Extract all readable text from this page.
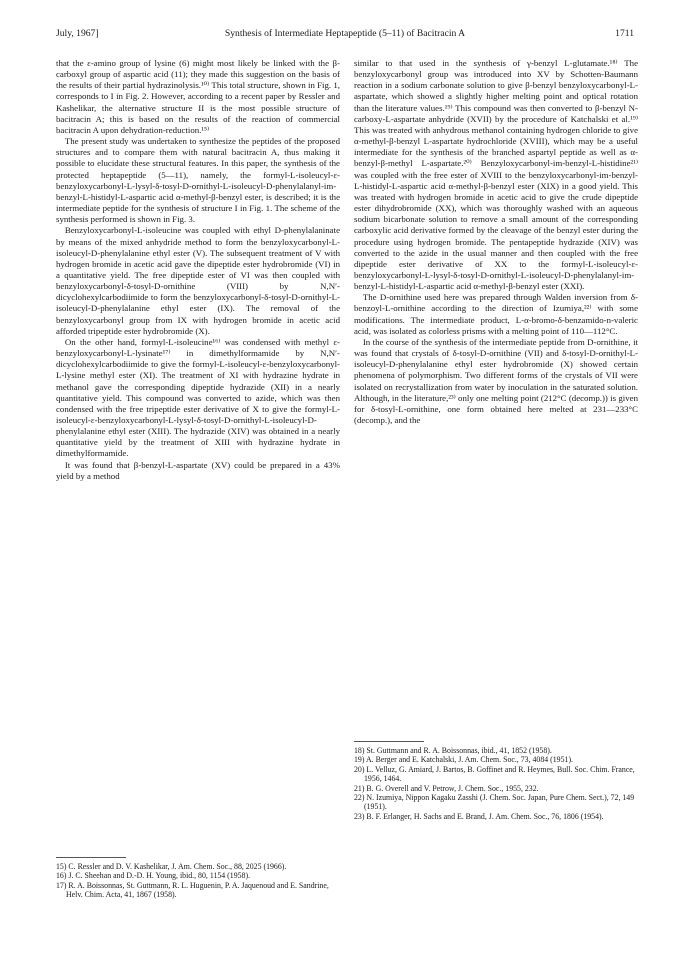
July, 1967]	Synthesis of Intermediate Heptapeptide (5–11) of Bacitracin A	1711

that the ε-amino group of lysine (6) might most likely be linked with the β-carboxyl group of aspartic acid (11); they made this suggestion on the basis of the results of their partial hydrazinolysis.¹⁰⁾ This total structure, shown in Fig. 1, corresponds to I in Fig. 2. However, according to a recent paper by Ressler and Kashelikar, the alternative structure II is the most possible structure of bacitracin A; this is based on the results of the reaction of commercial bacitracin A upon dehydration-reduction.¹⁵⁾

The present study was undertaken to synthesize the peptides of the proposed structures and to compare them with natural bacitracin A, thus making it possible to elucidate these structural features. In this paper, the synthesis of the protected heptapeptide (5—11), namely, the formyl-L-isoleucyl-ε-benzyloxycarbonyl-L-lysyl-δ-tosyl-D-ornithyl-L-isoleucyl-D-phenylalanyl-im-benzyl-L-histidyl-L-aspartic acid α-methyl-β-benzyl ester, is described; it is the intermediate peptide for the synthesis of structure I in Fig. 1. The scheme of the synthesis performed is shown in Fig. 3.

Benzyloxycarbonyl-L-isoleucine was coupled with ethyl D-phenylalaninate by means of the mixed anhydride method to form the benzyloxycarbonyl-L-isoleucyl-D-phenylalanine ethyl ester (V). The subsequent treatment of V with hydrogen bromide in acetic acid gave the dipeptide ester hydrobromide (VI) in a quantitative yield. The free dipeptide ester of VI was then coupled with benzyloxycarbonyl-δ-tosyl-D-ornithine (VIII) by N,N′-dicyclohexylcarbodiimide to form the benzyloxycarbonyl-δ-tosyl-D-ornithyl-L-isoleucyl-D-phenylalanine ethyl ester (IX). The removal of the benzyloxycarbonyl group from IX with hydrogen bromide in acetic acid afforded tripeptide ester hydrobromide (X).

On the other hand, formyl-L-isoleucine¹⁶⁾ was condensed with methyl ε-benzyloxycarbonyl-L-lysinate¹⁷⁾ in dimethylformamide by N,N′-dicyclohexylcarbodiimide to give the formyl-L-isoleucyl-ε-benzyloxycarbonyl-L-lysine methyl ester (XI). The treatment of XI with hydrazine hydrate in methanol gave the corresponding dipeptide hydrazide (XII) in a nearly quantitative yield. This compound was converted to azide, which was then condensed with the free tripeptide ester derivative of X to give the formyl-L-isoleucyl-ε-benzyloxycarbonyl-L-lysyl-δ-tosyl-D-ornithyl-L-isoleucyl-D-phenylalanine ethyl ester (XIII). The hydrazide (XIV) was obtained in a nearly quantitative yield by the treatment of XIII with hydrazine hydrate in dimethylformamide.

It was found that β-benzyl-L-aspartate (XV) could be prepared in a 43% yield by a method

similar to that used in the synthesis of γ-benzyl L-glutamate.¹⁸⁾ The benzyloxycarbonyl group was introduced into XV by Schotten-Baumann reaction in a sodium carbonate solution to give β-benzyl benzyloxycarbonyl-L-aspartate, which showed a slightly higher melting point and optical rotation than the literature values.¹⁹⁾ This compound was then converted to β-benzyl N-carboxy-L-aspartate anhydride (XVII) by the procedure of Katchalski et al.¹⁹⁾ This was treated with anhydrous methanol containing hydrogen chloride to give α-methyl-β-benzyl L-aspartate hydrochloride (XVIII), which may be a useful intermediate for the synthesis of the branched aspartyl peptide as well as α-benzyl-β-methyl L-aspartate.²⁰⁾ Benzyloxycarbonyl-im-benzyl-L-histidine²¹⁾ was coupled with the free ester of XVIII to the benzyloxycarbonyl-im-benzyl-L-histidyl-L-aspartic acid α-methyl-β-benzyl ester (XIX) in a good yield. This was treated with hydrogen bromide in acetic acid to give the crude dipeptide ester dihydrobromide (XX), which was thoroughly washed with an aqueous sodium bicarbonate solution to remove a small amount of the corresponding carboxylic acid derivative formed by the cleavage of the benzyl ester during the procedure using hydrogen bromide. The pentapeptide hydrazide (XIV) was converted to the azide in the usual manner and then coupled with the free dipeptide ester derivative of XX to the formyl-L-isoleucyl-ε-benzyloxycarbonyl-L-lysyl-δ-tosyl-D-ornithyl-L-isoleucyl-D-phenylalanyl-im-benzyl-L-histidyl-L-aspartic acid α-methyl-β-benzyl ester (XXI).

The D-ornithine used here was prepared through Walden inversion from δ-benzoyl-L-ornithine according to the direction of Izumiya,²²⁾ with some modifications. The intermediate product, L-α-bromo-δ-benzamido-n-valeric acid, was isolated as colorless prisms with a melting point of 110—112°C.

In the course of the synthesis of the intermediate peptide from D-ornithine, it was found that crystals of δ-tosyl-D-ornithine (VII) and δ-tosyl-D-ornithyl-L-isoleucyl-D-phenylalanine ethyl ester hydrobromide (X) showed certain phenomena of polymorphism. Two different forms of the crystals of VII were isolated on recrystallization from water by inoculation in the saturated solution. Although, in the literature,²³⁾ only one melting point (212°C (decomp.)) is given for δ-tosyl-L-ornithine, one form obtained here melted at 231—233°C (decomp.), and the

15) C. Ressler and D. V. Kashelikar, J. Am. Chem. Soc., 88, 2025 (1966).

16) J. C. Sheehan and D.-D. H. Young, ibid., 80, 1154 (1958).

17) R. A. Boissonnas, St. Guttmann, R. L. Huguenin, P. A. Jaquenoud and E. Sandrine, Helv. Chim. Acta, 41, 1867 (1958).

18) St. Guttmann and R. A. Boissonnas, ibid., 41, 1852 (1958).

19) A. Berger and E. Katchalski, J. Am. Chem. Soc., 73, 4084 (1951).

20) L. Velluz, G. Amiard, J. Bartos, B. Goffinet and R. Heymes, Bull. Soc. Chim. France, 1956, 1464.

21) B. G. Overell and V. Petrow, J. Chem. Soc., 1955, 232.

22) N. Izumiya, Nippon Kagaku Zasshi (J. Chem. Soc. Japan, Pure Chem. Sect.), 72, 149 (1951).

23) B. F. Erlanger, H. Sachs and E. Brand, J. Am. Chem. Soc., 76, 1806 (1954).
